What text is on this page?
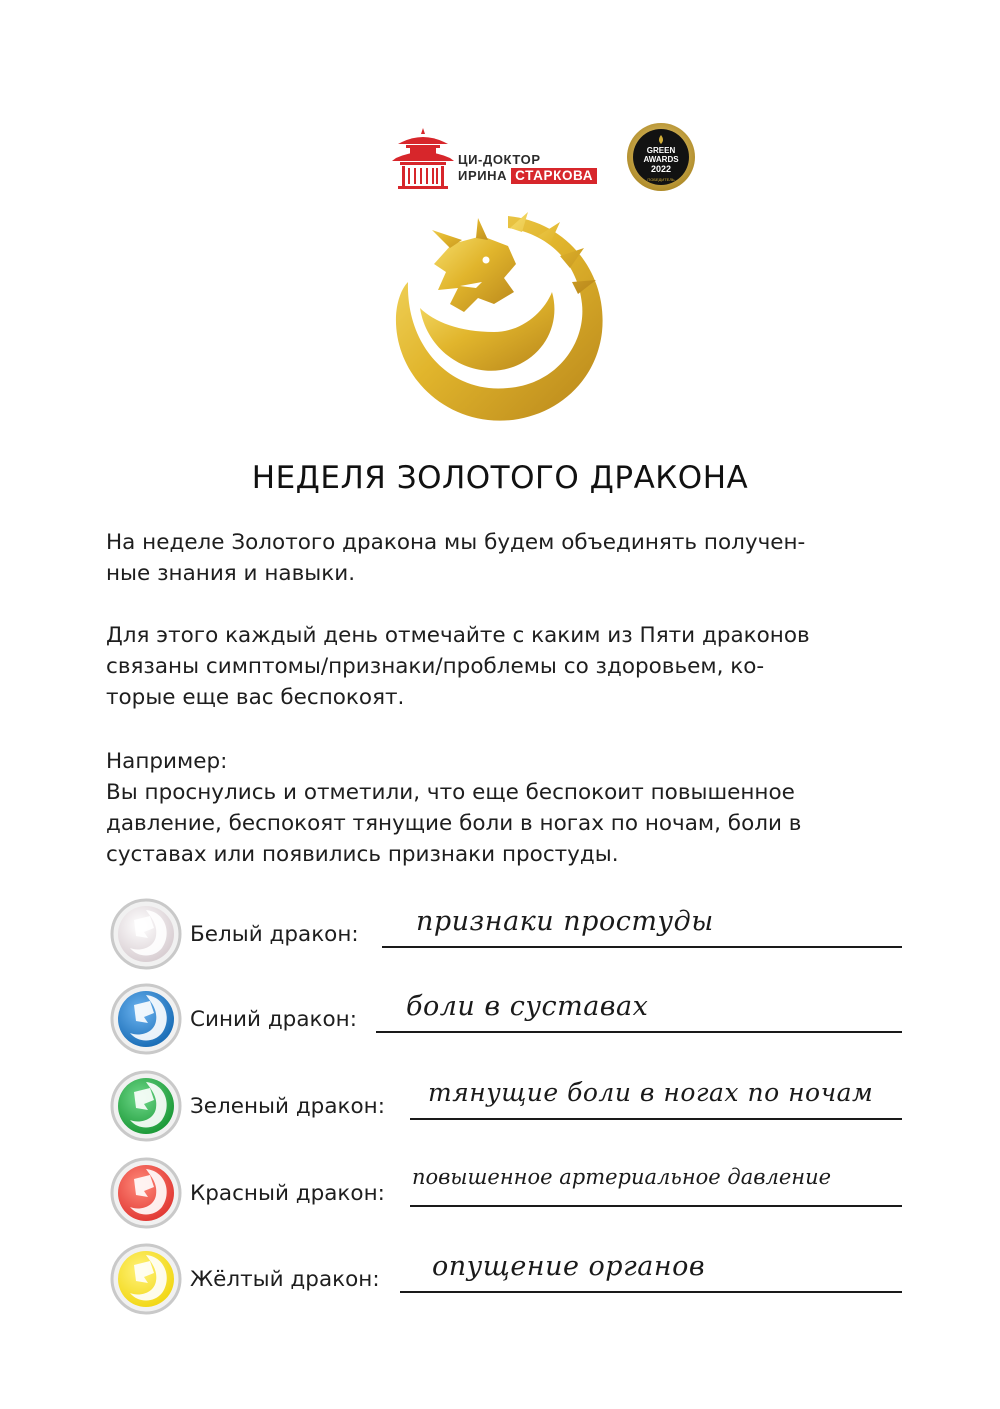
ЦИ-ДОКТОР
ИРИНА СТАРКОВА
GREEN
AWARDS
2022
ПОБЕДИТЕЛЬ
НЕДЕЛЯ ЗОЛОТОГО ДРАКОНА
На неделе Золотого дракона мы будем объединять получен-
ные знания и навыки.
Для этого каждый день отмечайте с каким из Пяти драконов
связаны симптомы/признаки/проблемы со здоровьем, ко-
торые еще вас беспокоят.
Например:
Вы проснулись и отметили, что еще беспокоит повышенное
давление, беспокоят тянущие боли в ногах по ночам, боли в
суставах или появились признаки простуды.
Белый дракон: признаки простуды
Синий дракон: боли в суставах
Зеленый дракон: тянущие боли в ногах по ночам
Красный дракон:
повышенное артериальное давление
Жёлтый дракон: опущение органов
